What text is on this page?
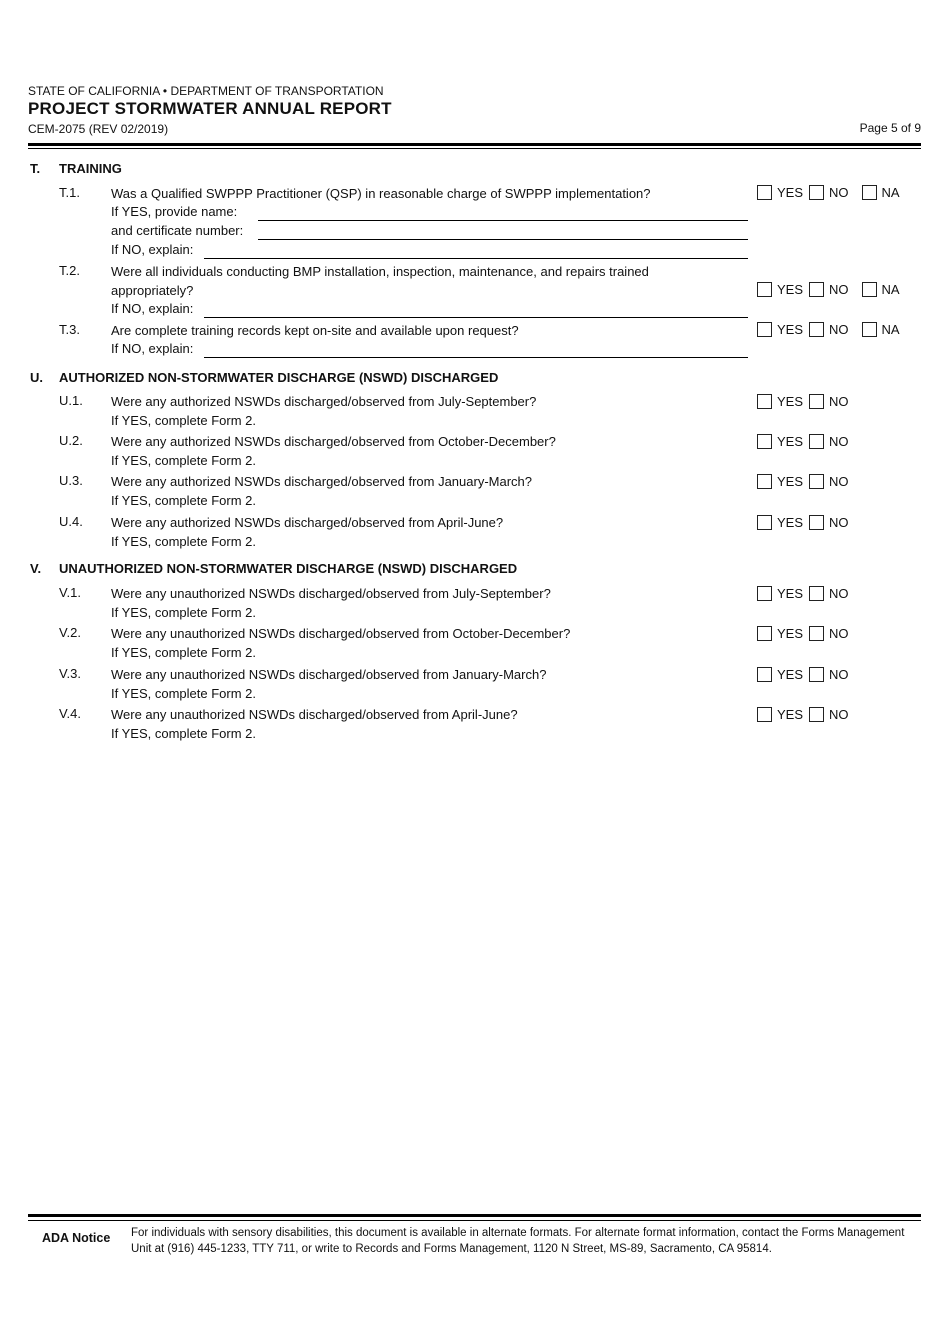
STATE OF CALIFORNIA • DEPARTMENT OF TRANSPORTATION
PROJECT STORMWATER ANNUAL REPORT
CEM-2075 (REV 02/2019)	Page 5 of 9
T. TRAINING
T.1. Was a Qualified SWPPP Practitioner (QSP) in reasonable charge of SWPPP implementation?
If YES, provide name:
and certificate number:
If NO, explain:
YES NO	NA
T.2. Were all individuals conducting BMP installation, inspection, maintenance, and repairs trained appropriately?
If NO, explain:
YES NO	NA
T.3. Are complete training records kept on-site and available upon request?
If NO, explain:
YES NO	NA
U. AUTHORIZED NON-STORMWATER DISCHARGE (NSWD) DISCHARGED
U.1. Were any authorized NSWDs discharged/observed from July-September?
If YES, complete Form 2.
YES NO
U.2. Were any authorized NSWDs discharged/observed from October-December?
If YES, complete Form 2.
YES NO
U.3. Were any authorized NSWDs discharged/observed from January-March?
If YES, complete Form 2.
YES NO
U.4. Were any authorized NSWDs discharged/observed from April-June?
If YES, complete Form 2.
YES NO
V. UNAUTHORIZED NON-STORMWATER DISCHARGE (NSWD) DISCHARGED
V.1. Were any unauthorized NSWDs discharged/observed from July-September?
If YES, complete Form 2.
YES NO
V.2. Were any unauthorized NSWDs discharged/observed from October-December?
If YES, complete Form 2.
YES NO
V.3. Were any unauthorized NSWDs discharged/observed from January-March?
If YES, complete Form 2.
YES NO
V.4. Were any unauthorized NSWDs discharged/observed from April-June?
If YES, complete Form 2.
YES NO
ADA Notice For individuals with sensory disabilities, this document is available in alternate formats. For alternate format information, contact the Forms Management Unit at (916) 445-1233, TTY 711, or write to Records and Forms Management, 1120 N Street, MS-89, Sacramento, CA 95814.
